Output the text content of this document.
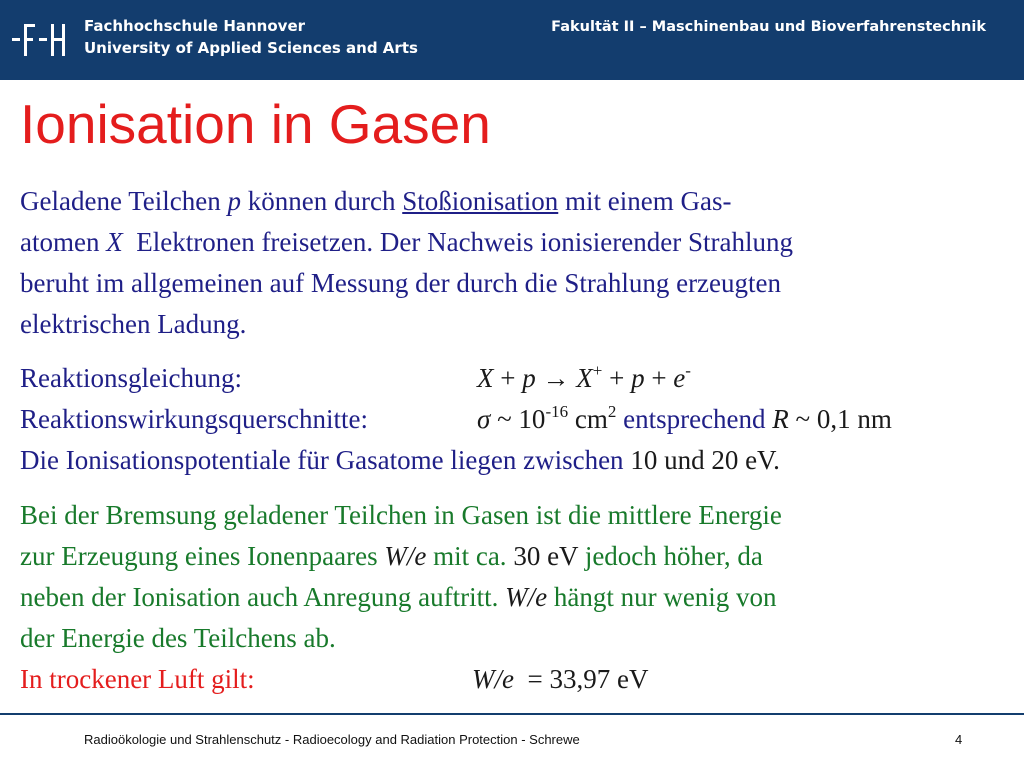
Fachhochschule Hannover
University of Applied Sciences and Arts
Fakultät II – Maschinenbau und Bioverfahrenstechnik
Ionisation in Gasen
Geladene Teilchen p können durch Stoßionisation mit einem Gas-
atomen X  Elektronen freisetzen. Der Nachweis ionisierender Strahlung
beruht im allgemeinen auf Messung der durch die Strahlung erzeugten
elektrischen Ladung.
Reaktionsgleichung:	X + p → X+ + p + e-
Reaktionswirkungsquerschnitte:	σ ~ $10^{-16}$ $cm^2$ entsprechend R ~ 0,1 nm
Die Ionisationspotentiale für Gasatome liegen zwischen 10 und 20 eV.
Bei der Bremsung geladener Teilchen in Gasen ist die mittlere Energie
zur Erzeugung eines Ionenpaares W/e mit ca. 30 eV jedoch höher, da
neben der Ionisation auch Anregung auftritt. W/e hängt nur wenig von
der Energie des Teilchens ab.
In trockener Luft gilt:	W/e  = 33,97 eV
Radioökologie und Strahlenschutz - Radioecology and Radiation Protection - Schrewe	4
